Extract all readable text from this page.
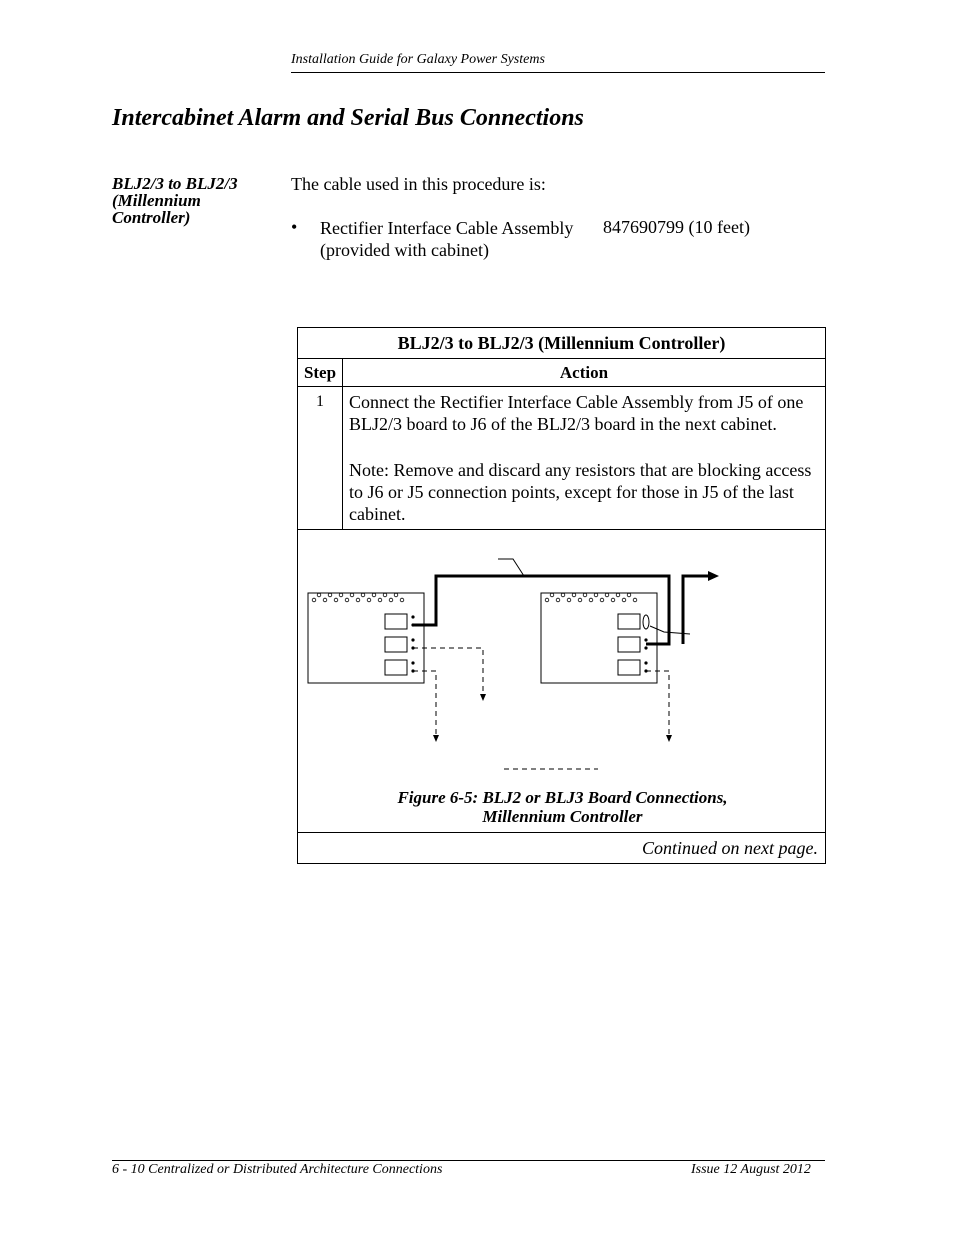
Installation Guide for Galaxy Power Systems
Intercabinet Alarm and Serial Bus Connections
BLJ2/3 to BLJ2/3
(Millennium
Controller)
The cable used in this procedure is:
• Rectifier Interface Cable Assembly
(provided with cabinet)
847690799 (10 feet)
BLJ2/3 to BLJ2/3 (Millennium Controller)	
Step	Action
1	Connect the Rectifier Interface Cable Assembly from J5 of one BLJ2/3 board to J6 of the BLJ2/3 board in the next cabinet.

Note: Remove and discard any resistors that are blocking access to J6 or J5 connection points, except for those in J5 of the last cabinet.

Figure 6-5: BLJ2 or BLJ3 Board Connections,
Millennium Controller	

Continued on next page.	
6 - 10 Centralized or Distributed Architecture Connections	Issue 12 August 2012
